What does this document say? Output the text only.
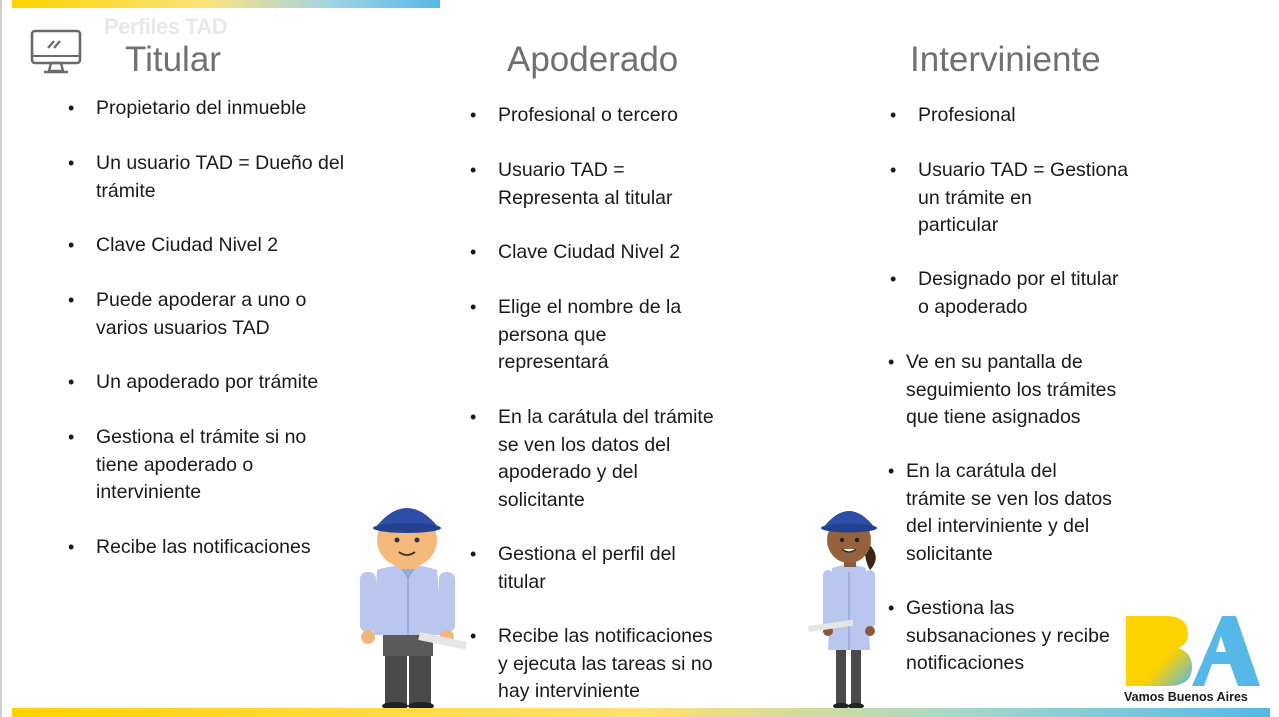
Perfiles TAD
Titular	Apoderado	Interviniente
• Propietario del inmueble
• Un usuario TAD = Dueño del
trámite
• Clave Ciudad Nivel 2
• Puede apoderar a uno o
varios usuarios TAD
• Un apoderado por trámite
• Gestiona el trámite si no
tiene apoderado o
interviniente
• Recibe las notificaciones
• Profesional o tercero
• Usuario TAD =
Representa al titular
• Clave Ciudad Nivel 2
• Elige el nombre de la
persona que
representará
• En la carátula del trámite
se ven los datos del
apoderado y del
solicitante
• Gestiona el perfil del
titular
• Recibe las notificaciones
y ejecuta las tareas si no
hay interviniente
• Profesional
• Usuario TAD = Gestiona
un trámite en
particular
• Designado por el titular
o apoderado
• Ve en su pantalla de
seguimiento los trámites
que tiene asignados
• En la carátula del
trámite se ven los datos
del interviniente y del
solicitante
• Gestiona las
subsanaciones y recibe
notificaciones
Vamos Buenos Aires
